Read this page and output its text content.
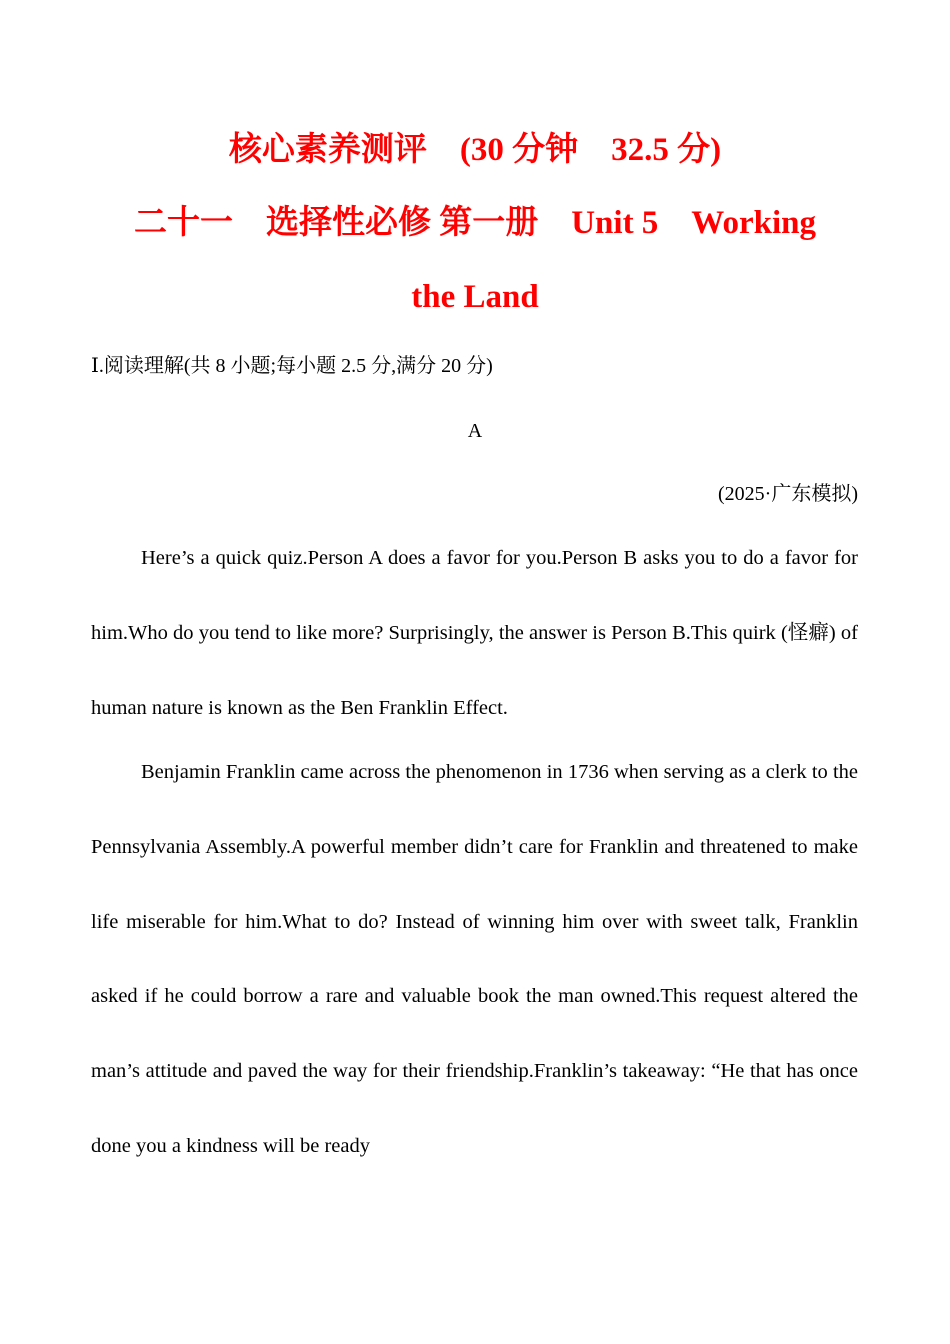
核心素养测评　(30 分钟　32.5 分)
二十一　选择性必修 第一册　Unit 5　Working
the Land
Ⅰ.阅读理解(共 8 小题;每小题 2.5 分,满分 20 分)
A
(2025·广东模拟)

Here’s a quick quiz.Person A does a favor for you.Person B asks you to do a favor for him.Who do you tend to like more? Surprisingly, the answer is Person B.This quirk (怪癖) of human nature is known as the Ben Franklin Effect.

Benjamin Franklin came across the phenomenon in 1736 when serving as a clerk to the Pennsylvania Assembly.A powerful member didn’t care for Franklin and threatened to make life miserable for him.What to do? Instead of winning him over with sweet talk, Franklin asked if he could borrow a rare and valuable book the man owned.This request altered the man’s attitude and paved the way for their friendship.Franklin’s takeaway: “He that has once done you a kindness will be ready
